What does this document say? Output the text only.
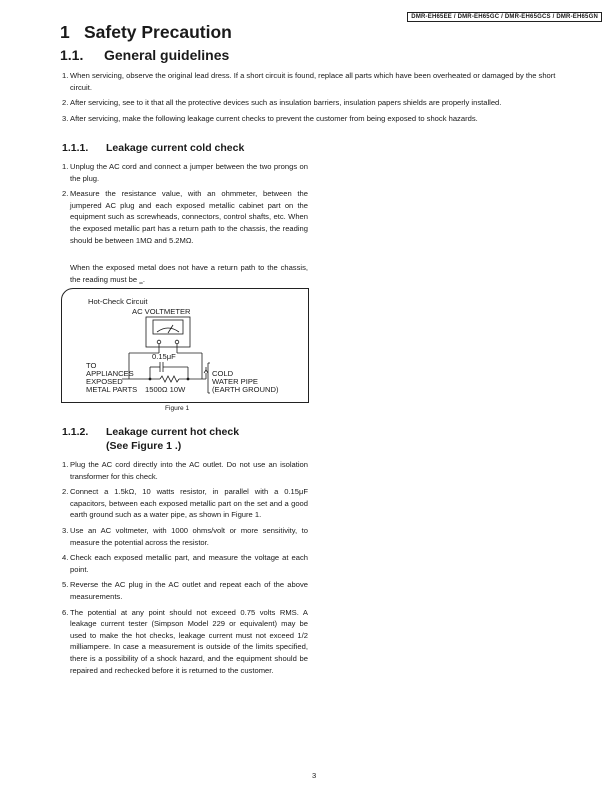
DMR-EH65EE / DMR-EH65GC / DMR-EH65GCS / DMR-EH65GN
1 Safety Precaution
1.1. General guidelines
1. When servicing, observe the original lead dress. If a short circuit is found, replace all parts which have been overheated or damaged by the short circuit.
2. After servicing, see to it that all the protective devices such as insulation barriers, insulation papers shields are properly installed.
3. After servicing, make the following leakage current checks to prevent the customer from being exposed to shock hazards.
1.1.1. Leakage current cold check
1. Unplug the AC cord and connect a jumper between the two prongs on the plug.
2. Measure the resistance value, with an ohmmeter, between the jumpered AC plug and each exposed metallic cabinet part on the equipment such as screwheads, connectors, control shafts, etc. When the exposed metallic part has a return path to the chassis, the reading should be between 1MΩ and 5.2MΩ.
When the exposed metal does not have a return path to the chassis, the reading must be $_\infty$.
Hot-Check Circuit
AC VOLTMETER
0.15μF
TO
APPLIANCES
EXPOSED
METAL PARTS 1500Ω 10W
COLD
WATER PIPE
(EARTH GROUND)
Figure 1
1.1.2. Leakage current hot check
(See Figure 1 .)
1. Plug the AC cord directly into the AC outlet. Do not use an isolation transformer for this check.
2. Connect a 1.5kΩ, 10 watts resistor, in parallel with a 0.15μF capacitors, between each exposed metallic part on the set and a good earth ground such as a water pipe, as shown in Figure 1.
3. Use an AC voltmeter, with 1000 ohms/volt or more sensitivity, to measure the potential across the resistor.
4. Check each exposed metallic part, and measure the voltage at each point.
5. Reverse the AC plug in the AC outlet and repeat each of the above measurements.
6. The potential at any point should not exceed 0.75 volts RMS. A leakage current tester (Simpson Model 229 or equivalent) may be used to make the hot checks, leakage current must not exceed 1/2 milliampere. In case a measurement is outside of the limits specified, there is a possibility of a shock hazard, and the equipment should be repaired and rechecked before it is returned to the customer.
3
